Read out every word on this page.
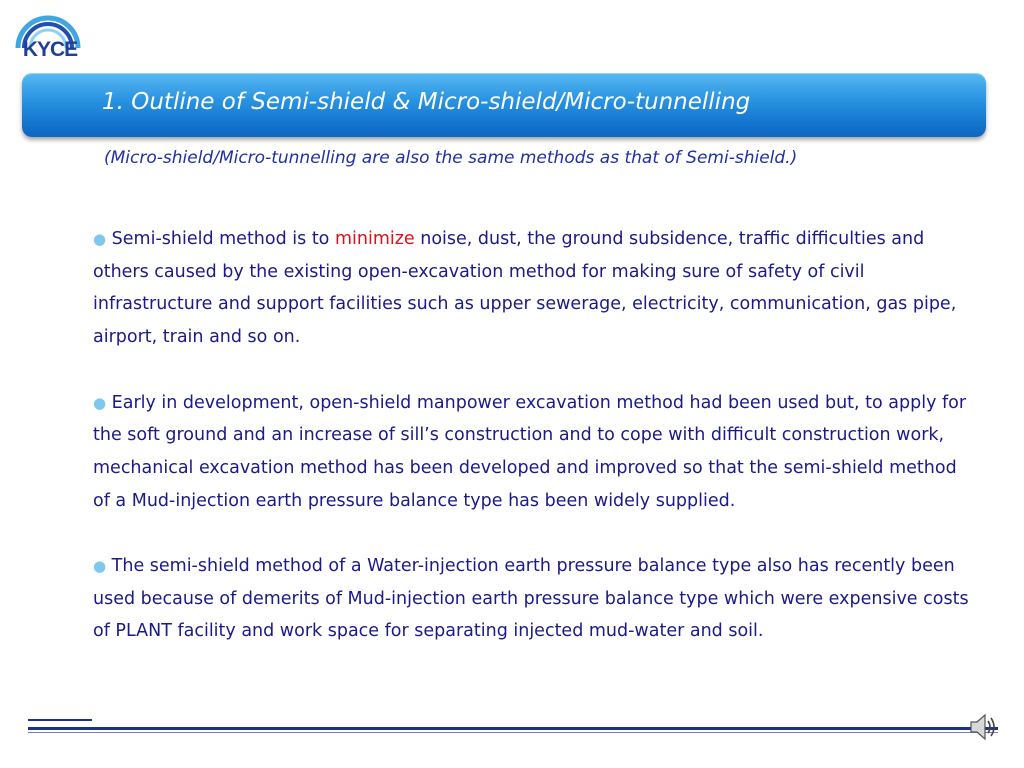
KYCE
1. Outline of Semi-shield & Micro-shield/Micro-tunnelling
(Micro-shield/Micro-tunnelling are also the same methods as that of Semi-shield.)

● Semi-shield method is to minimize noise, dust, the ground subsidence, traffic difficulties and others caused by the existing open-excavation method for making sure of safety of civil infrastructure and support facilities such as upper sewerage, electricity, communication, gas pipe, airport, train and so on.

● Early in development, open-shield manpower excavation method had been used but, to apply for the soft ground and an increase of sill’s construction and to cope with difficult construction work, mechanical excavation method has been developed and improved so that the semi-shield method of a Mud-injection earth pressure balance type has been widely supplied.

● The semi-shield method of a Water-injection earth pressure balance type also has recently been used because of demerits of Mud-injection earth pressure balance type which were expensive costs of PLANT facility and work space for separating injected mud-water and soil.
